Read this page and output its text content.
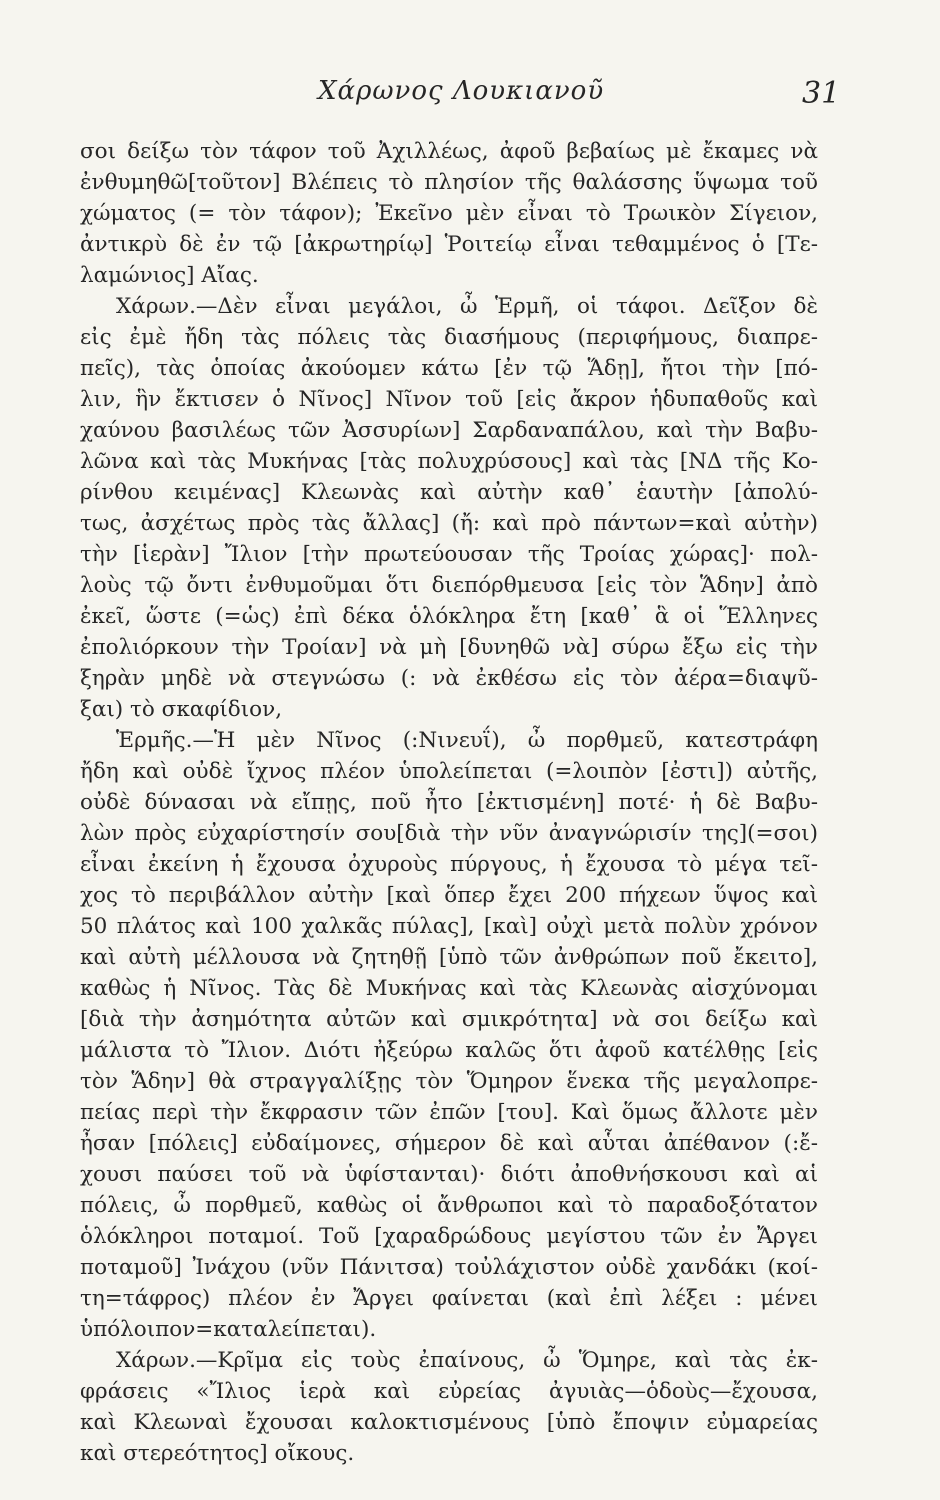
Χάρωνος Λουκιανοῦ	31
σοι δείξω τὸν τάφον τοῦ Ἀχιλλέως, ἀφοῦ βεβαίως μὲ ἔκαμες νὰ
ἐνθυμηθῶ[τοῦτον] Βλέπεις τὸ πλησίον τῆς θαλάσσης ὕψωμα τοῦ
χώματος (= τὸν τάφον); Ἐκεῖνο μὲν εἶναι τὸ Τρωικὸν Σίγειον,
ἀντικρὺ δὲ ἐν τῷ [ἀκρωτηρίῳ] Ῥοιτείῳ εἶναι τεθαμμένος ὁ [Τε-
λαμώνιος] Αἴας.
Χάρων.—Δὲν εἶναι μεγάλοι, ὦ Ἑρμῆ, οἱ τάφοι. Δεῖξον δὲ
εἰς ἐμὲ ἤδη τὰς πόλεις τὰς διασήμους (περιφήμους, διαπρε-
πεῖς), τὰς ὁποίας ἀκούομεν κάτω [ἐν τῷ Ἅδῃ], ἤτοι τὴν [πό-
λιν, ἣν ἔκτισεν ὁ Νῖνος] Νῖνον τοῦ [εἰς ἄκρον ἡδυπαθοῦς καὶ
χαύνου βασιλέως τῶν Ἀσσυρίων] Σαρδαναπάλου, καὶ τὴν Βαβυ-
λῶνα καὶ τὰς Μυκήνας [τὰς πολυχρύσους] καὶ τὰς [ΝΔ τῆς Κο-
ρίνθου κειμένας] Κλεωνὰς καὶ αὐτὴν καθ᾽ ἑαυτὴν [ἀπολύ-
τως, ἀσχέτως πρὸς τὰς ἄλλας] (ἤ: καὶ πρὸ πάντων=καὶ αὐτὴν)
τὴν [ἱερὰν] Ἴλιον [τὴν πρωτεύουσαν τῆς Τροίας χώρας]· πολ-
λοὺς τῷ ὄντι ἐνθυμοῦμαι ὅτι διεπόρθμευσα [εἰς τὸν Ἅδην] ἀπὸ
ἐκεῖ, ὥστε (=ὡς) ἐπὶ δέκα ὁλόκληρα ἔτη [καθ᾽ ἃ οἱ Ἕλληνες
ἐπολιόρκουν τὴν Τροίαν] νὰ μὴ [δυνηθῶ νὰ] σύρω ἔξω εἰς τὴν
ξηρὰν μηδὲ νὰ στεγνώσω (: νὰ ἐκθέσω εἰς τὸν ἀέρα=διαψῦ-
ξαι) τὸ σκαφίδιον,
Ἑρμῆς.—Ἡ μὲν Νῖνος (:Νινευΐ), ὦ πορθμεῦ, κατεστράφη
ἤδη καὶ οὐδὲ ἴχνος πλέον ὑπολείπεται (=λοιπὸν [ἐστι]) αὐτῆς,
οὐδὲ δύνασαι νὰ εἴπῃς, ποῦ ἦτο [ἐκτισμένη] ποτέ· ἡ δὲ Βαβυ-
λὼν πρὸς εὐχαρίστησίν σου[διὰ τὴν νῦν ἀναγνώρισίν της](=σοι)
εἶναι ἐκείνη ἡ ἔχουσα ὀχυροὺς πύργους, ἡ ἔχουσα τὸ μέγα τεῖ-
χος τὸ περιβάλλον αὐτὴν [καὶ ὅπερ ἔχει 200 πήχεων ὕψος καὶ
50 πλάτος καὶ 100 χαλκᾶς πύλας], [καὶ] οὐχὶ μετὰ πολὺν χρόνον
καὶ αὐτὴ μέλλουσα νὰ ζητηθῇ [ὑπὸ τῶν ἀνθρώπων ποῦ ἔκειτο],
καθὼς ἡ Νῖνος. Τὰς δὲ Μυκήνας καὶ τὰς Κλεωνὰς αἰσχύνομαι
[διὰ τὴν ἀσημότητα αὐτῶν καὶ σμικρότητα] νὰ σοι δείξω καὶ
μάλιστα τὸ Ἴλιον. Διότι ἠξεύρω καλῶς ὅτι ἀφοῦ κατέλθῃς [εἰς
τὸν Ἅδην] θὰ στραγγαλίξῃς τὸν Ὅμηρον ἕνεκα τῆς μεγαλοπρε-
πείας περὶ τὴν ἔκφρασιν τῶν ἐπῶν [του]. Καὶ ὅμως ἄλλοτε μὲν
ἦσαν [πόλεις] εὐδαίμονες, σήμερον δὲ καὶ αὗται ἀπέθανον (:ἔ-
χουσι παύσει τοῦ νὰ ὑφίστανται)· διότι ἀποθνήσκουσι καὶ αἱ
πόλεις, ὦ πορθμεῦ, καθὼς οἱ ἄνθρωποι καὶ τὸ παραδοξότατον
ὁλόκληροι ποταμοί. Τοῦ [χαραδρώδους μεγίστου τῶν ἐν Ἄργει
ποταμοῦ] Ἰνάχου (νῦν Πάνιτσα) τοὐλάχιστον οὐδὲ χανδάκι (κοί-
τη=τάφρος) πλέον ἐν Ἄργει φαίνεται (καὶ ἐπὶ λέξει : μένει
ὑπόλοιπον=καταλείπεται).
Χάρων.—Κρῖμα εἰς τοὺς ἐπαίνους, ὦ Ὅμηρε, καὶ τὰς ἐκ-
φράσεις «Ἴλιος ἱερὰ καὶ εὐρείας ἀγυιὰς—ὁδοὺς—ἔχουσα,
καὶ Κλεωναὶ ἔχουσαι καλοκτισμένους [ὑπὸ ἔποψιν εὐμαρείας
καὶ στερεότητος] οἴκους.
